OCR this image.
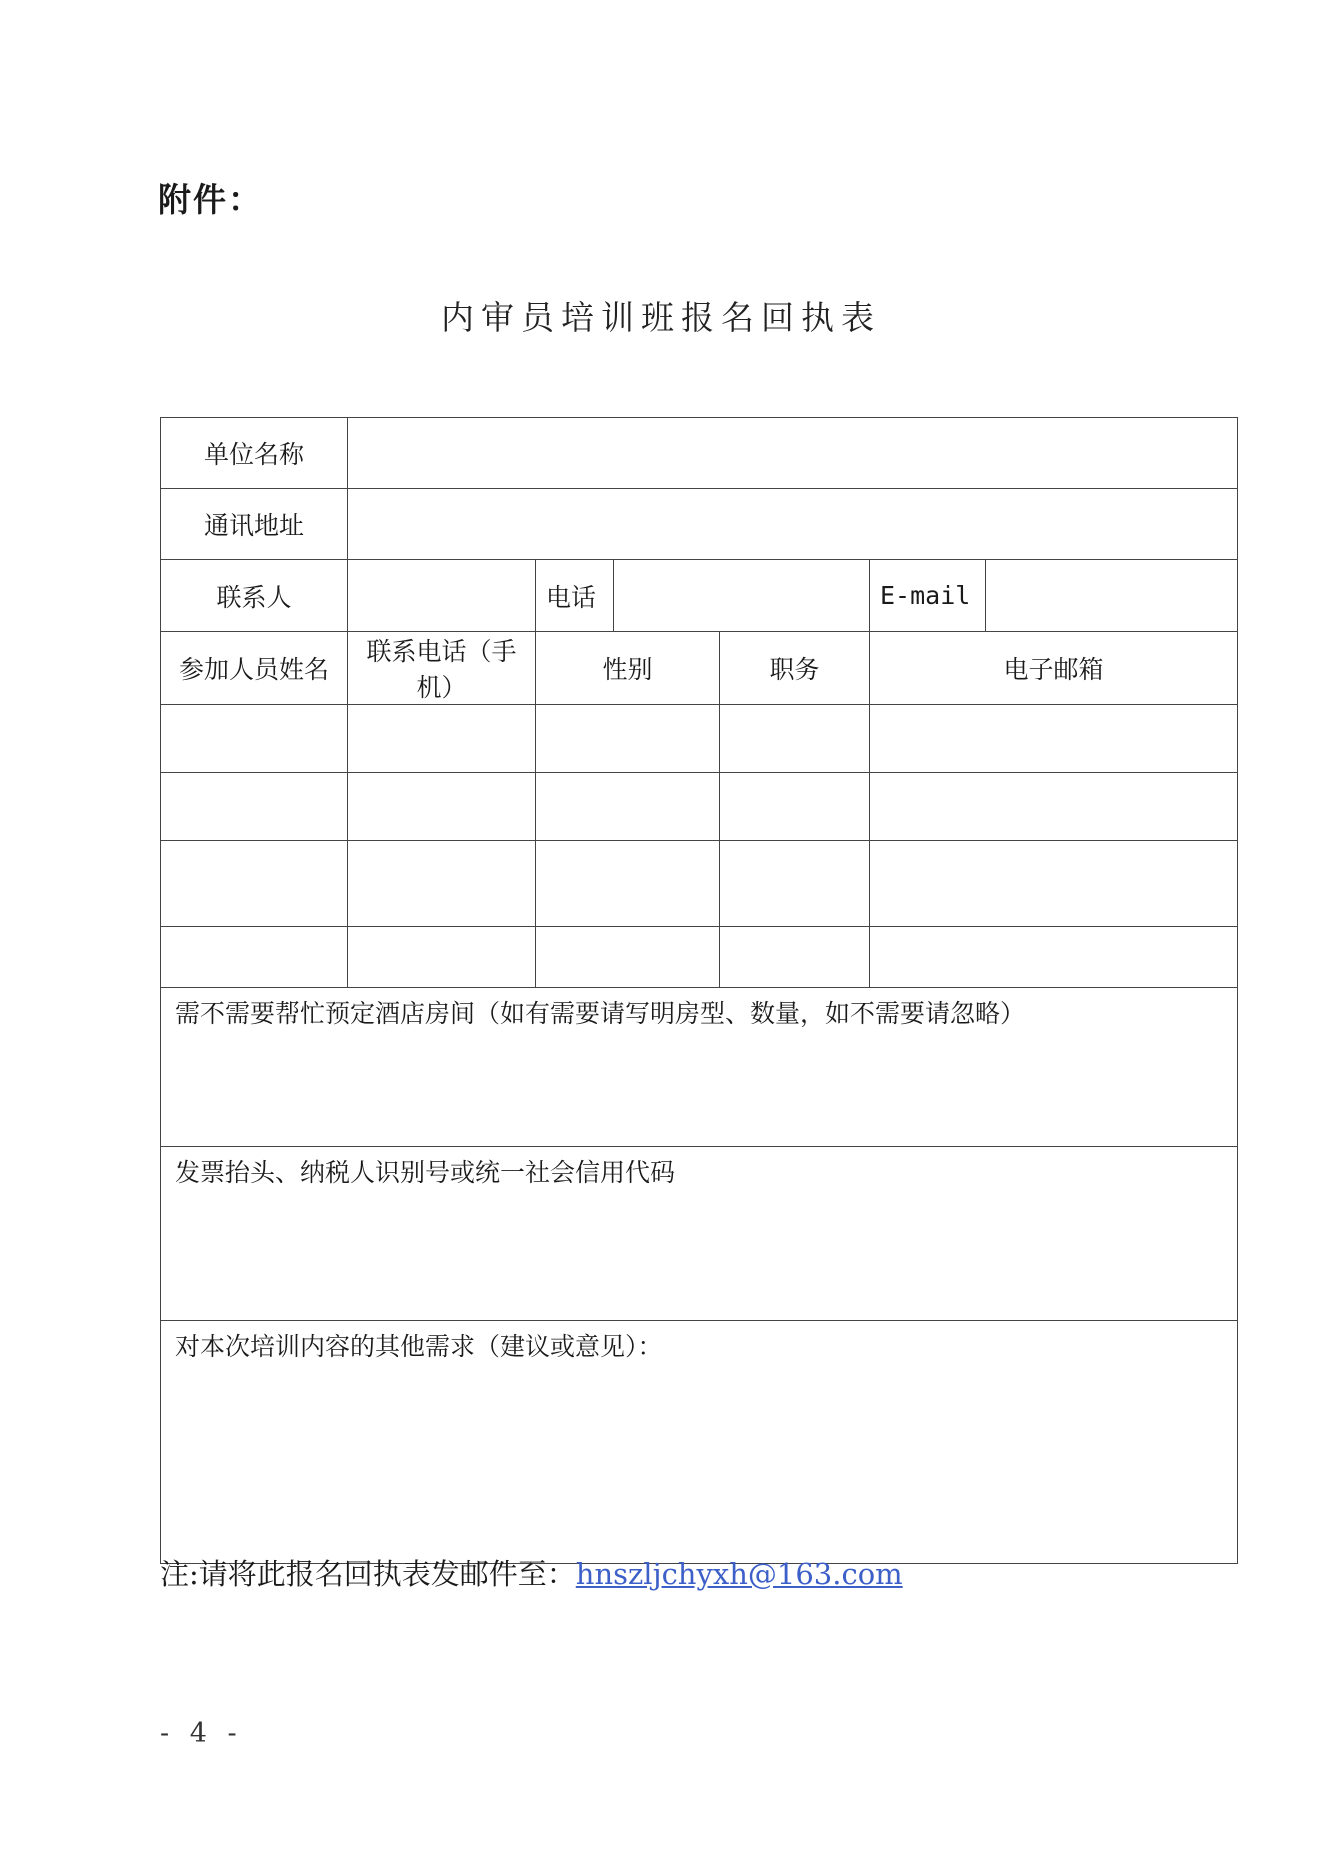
附件：
内审员培训班报名回执表
单位名称						
通讯地址						
联系人		电话			E-mail	
参加人员姓名	联系电话（手机）	性别		职务	电子邮箱	

需不需要帮忙预定酒店房间（如有需要请写明房型、数量，如不需要请忽略）						
发票抬头、纳税人识别号或统一社会信用代码						
对本次培训内容的其他需求（建议或意见）：						
注:请将此报名回执表发邮件至：hnszljchyxh@163.com
- 4 -
